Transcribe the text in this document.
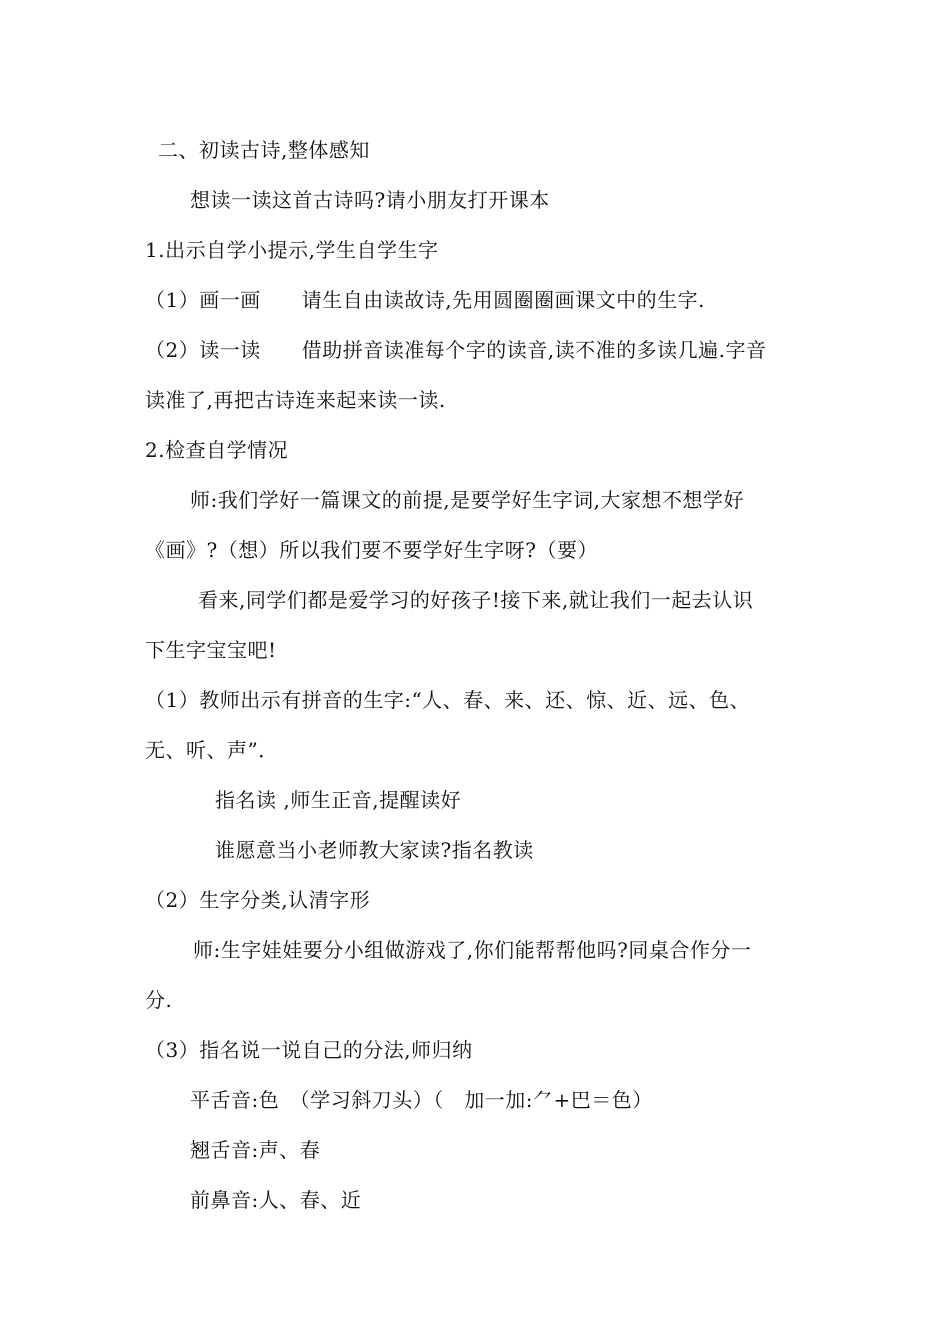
二、初读古诗,整体感知
想读一读这首古诗吗?请小朋友打开课本
1.出示自学小提示,学生自学生字
（1）画一画　　请生自由读故诗,先用圆圈圈画课文中的生字.
（2）读一读　　借助拼音读准每个字的读音,读不准的多读几遍.字音
读准了,再把古诗连来起来读一读.
2.检查自学情况
师:我们学好一篇课文的前提,是要学好生字词,大家想不想学好
《画》?（想）所以我们要不要学好生字呀?（要）
看来,同学们都是爱学习的好孩子!接下来,就让我们一起去认识
下生字宝宝吧!
（1）教师出示有拼音的生字:“人、春、来、还、惊、近、远、色、
无、听、声”．
指名读 ,师生正音,提醒读好
谁愿意当小老师教大家读?指名教读
（2）生字分类,认清字形
师:生字娃娃要分小组做游戏了,你们能帮帮他吗?同桌合作分一
分.
（3）指名说一说自己的分法,师归纳
平舌音:色　（学习斜刀头）（　加一加:⺈+巴＝色）
翘舌音:声、春
前鼻音:人、春、近
